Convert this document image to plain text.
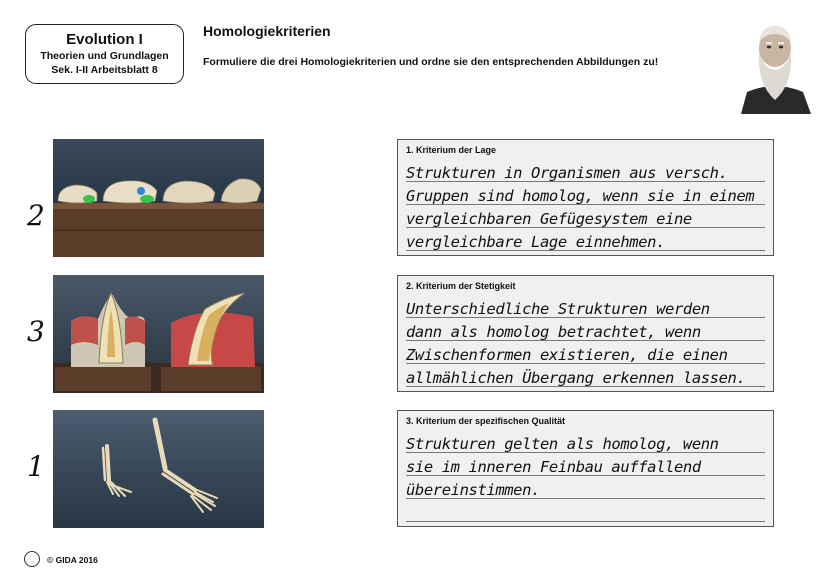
Evolution I
Theorien und Grundlagen
Sek. I-II Arbeitsblatt 8
Homologiekriterien
Formuliere die drei Homologiekriterien und ordne sie den entsprechenden Abbildungen zu!
2
3
1
1. Kriterium der Lage
Strukturen in Organismen aus versch.
Gruppen sind homolog, wenn sie in einem
vergleichbaren Gefügesystem eine
vergleichbare Lage einnehmen.
2. Kriterium der Stetigkeit
Unterschiedliche Strukturen werden
dann als homolog betrachtet, wenn
Zwischenformen existieren, die einen
allmählichen Übergang erkennen lassen.
3. Kriterium der spezifischen Qualität
Strukturen gelten als homolog, wenn
sie im inneren Feinbau auffallend
übereinstimmen.
© GIDA 2016
